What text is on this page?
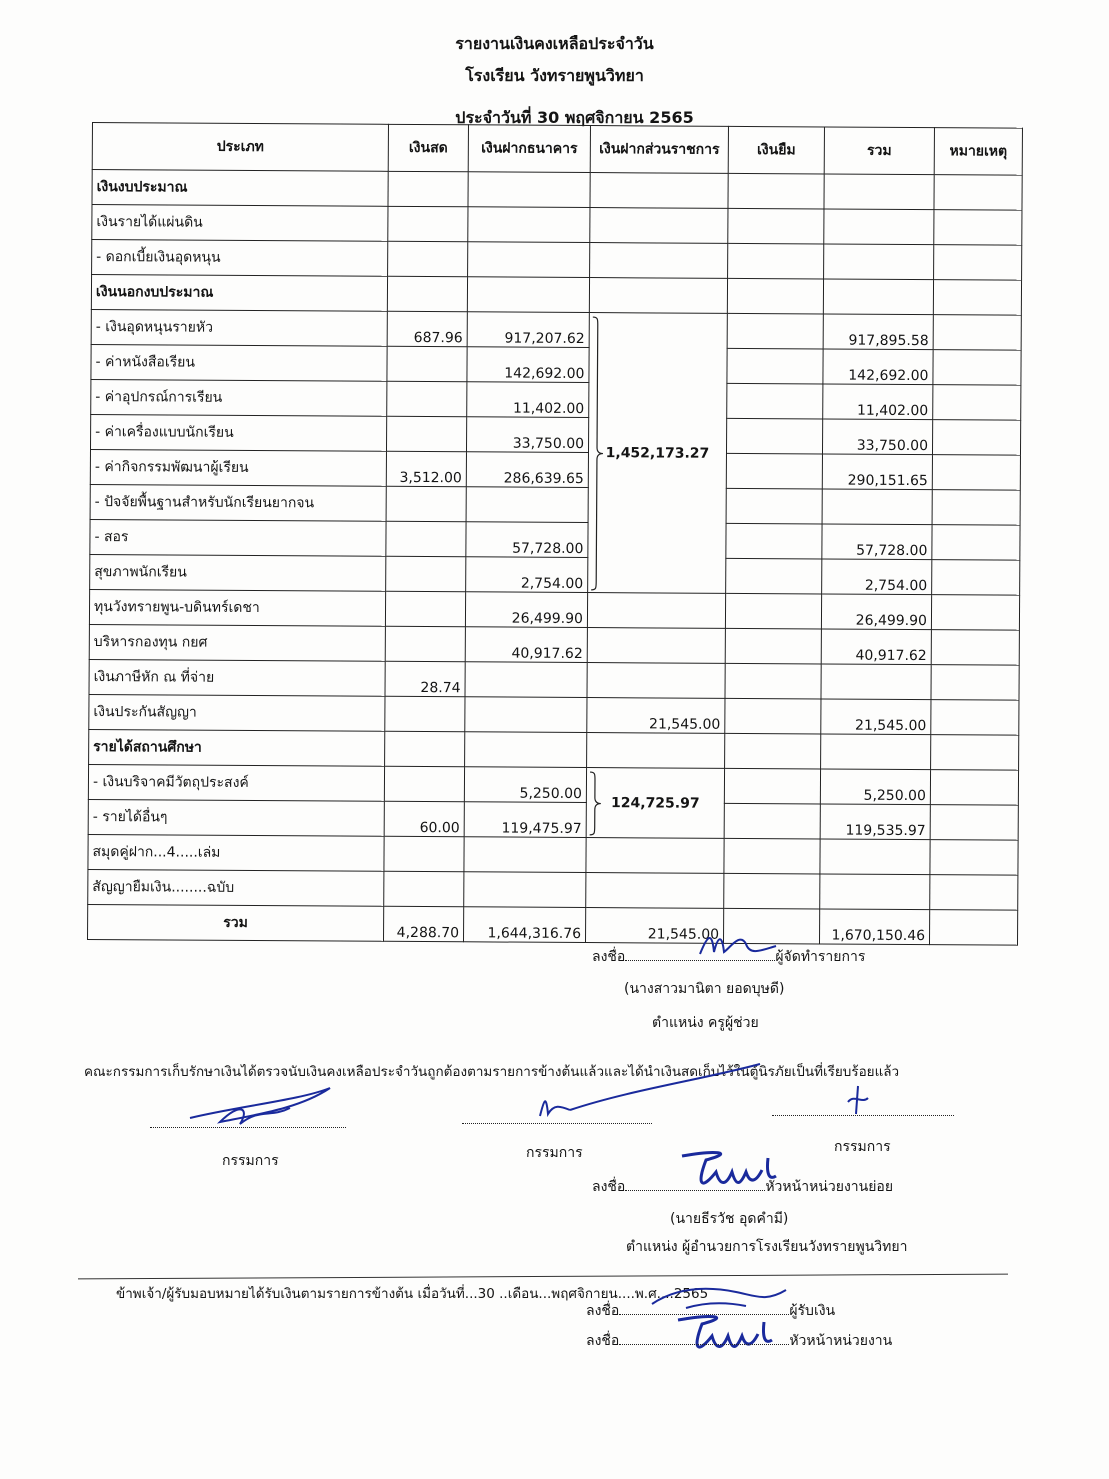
รายงานเงินคงเหลือประจำวัน
โรงเรียน วังทรายพูนวิทยา
ประจำวันที่ 30 พฤศจิกายน 2565
ประเภท	เงินสด	เงินฝากธนาคาร	เงินฝากส่วนราชการ	เงินยืม	รวม	หมายเหตุ
เงินงบประมาณ						
เงินรายได้แผ่นดิน						
- ดอกเบี้ยเงินอุดหนุน						
เงินนอกงบประมาณ						
- เงินอุดหนุนรายหัว	687.96	917,207.62	1,452,173.27		917,895.58	
- ค่าหนังสือเรียน		142,692.00			142,692.00	
- ค่าอุปกรณ์การเรียน		11,402.00			11,402.00	
- ค่าเครื่องแบบนักเรียน		33,750.00			33,750.00	
- ค่ากิจกรรมพัฒนาผู้เรียน	3,512.00	286,639.65			290,151.65	
- ปัจจัยพื้นฐานสำหรับนักเรียนยากจน						
- สอร		57,728.00			57,728.00	
สุขภาพนักเรียน		2,754.00			2,754.00	
ทุนวังทรายพูน-บดินทร์เดชา		26,499.90			26,499.90	
บริหารกองทุน กยศ		40,917.62			40,917.62	
เงินภาษีหัก ณ ที่จ่าย	28.74					
เงินประกันสัญญา			21,545.00		21,545.00	
รายได้สถานศึกษา						
- เงินบริจาคมีวัตถุประสงค์		5,250.00	124,725.97		5,250.00	
- รายได้อื่นๆ	60.00	119,475.97			119,535.97	
สมุดคู่ฝาก...4.....เล่ม						
สัญญายืมเงิน........ฉบับ						
รวม	4,288.70	1,644,316.76	21,545.00		1,670,150.46	
ลงชื่อ	ผู้จัดทำรายการ
(นางสาวมานิตา ยอดบุษดี)
ตำแหน่ง ครูผู้ช่วย
คณะกรรมการเก็บรักษาเงินได้ตรวจนับเงินคงเหลือประจำวันถูกต้องตามรายการข้างต้นแล้วและได้นำเงินสดเก็บไว้ในตู้นิรภัยเป็นที่เรียบร้อยแล้ว
กรรมการ	กรรมการ	กรรมการ
ลงชื่อ	หัวหน้าหน่วยงานย่อย
(นายธีรวัช อุดคำมี)
ตำแหน่ง ผู้อำนวยการโรงเรียนวังทรายพูนวิทยา
ข้าพเจ้า/ผู้รับมอบหมายได้รับเงินตามรายการข้างต้น เมื่อวันที่...30 ..เดือน...พฤศจิกายน....พ.ศ....2565
ลงชื่อ	ผู้รับเงิน
ลงชื่อ	หัวหน้าหน่วยงาน
